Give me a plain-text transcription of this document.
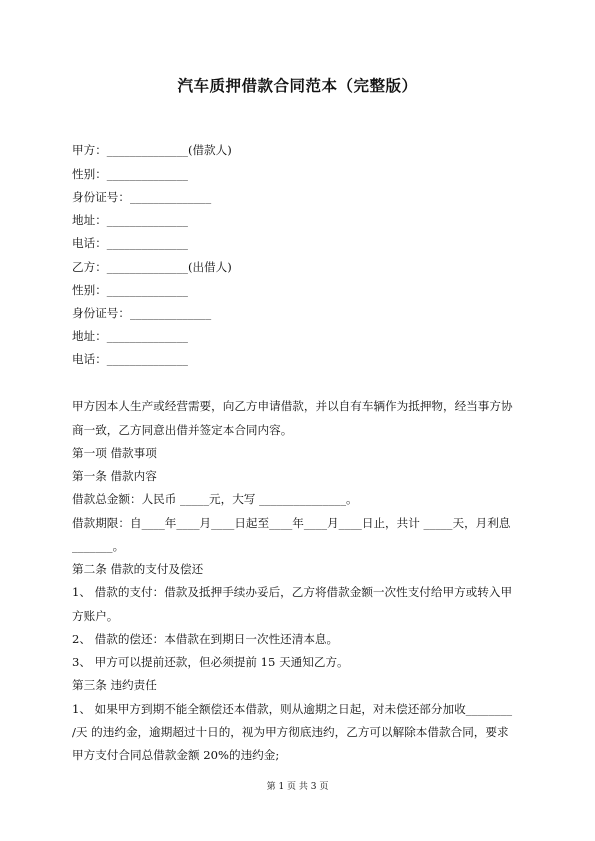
汽车质押借款合同范本（完整版）
甲方：______________(借款人)
性别：______________
身份证号：______________
地址：______________
电话：______________
乙方：______________(出借人)
性别：______________
身份证号：______________
地址：______________
电话：______________
甲方因本人生产或经营需要，向乙方申请借款，并以自有车辆作为抵押物，经当事方协
商一致，乙方同意出借并签定本合同内容。
第一项 借款事项
第一条 借款内容
借款总金额：人民币 _____元，大写 _______________。
借款期限：自____年____月____日起至____年____月____日止，共计 _____天，月利息
_______。
第二条 借款的支付及偿还
1、 借款的支付：借款及抵押手续办妥后，乙方将借款金额一次性支付给甲方或转入甲
方账户。
2、 借款的偿还：本借款在到期日一次性还清本息。
3、 甲方可以提前还款，但必须提前 15 天通知乙方。
第三条 违约责任
1、 如果甲方到期不能全额偿还本借款，则从逾期之日起，对未偿还部分加收________
/天 的违约金，逾期超过十日的，视为甲方彻底违约，乙方可以解除本借款合同，要求
甲方支付合同总借款金额 20%的违约金;
第 1 页 共 3 页
